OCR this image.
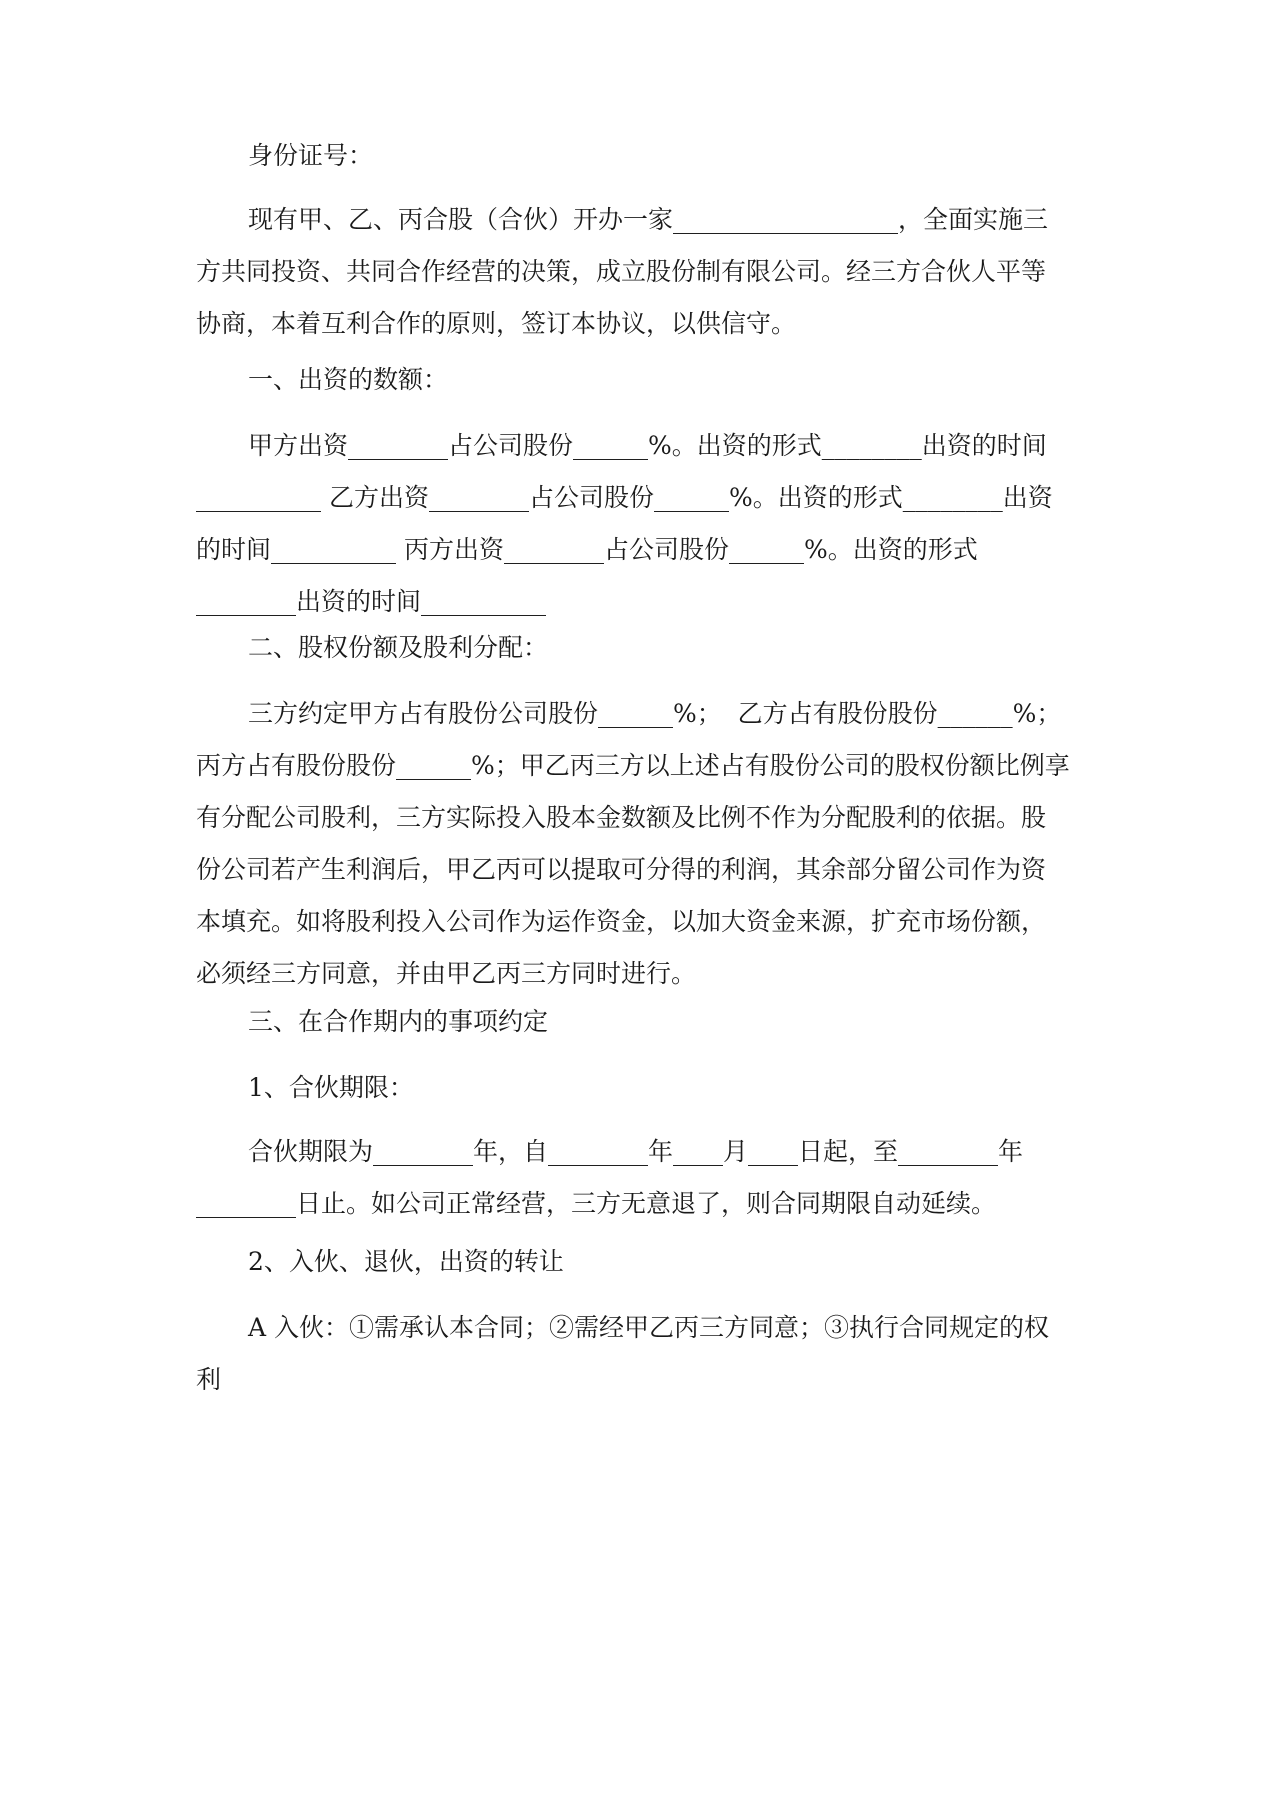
身份证号：

现有甲、乙、丙合股（合伙）开办一家__________________，全面实施三
方共同投资、共同合作经营的决策，成立股份制有限公司。经三方合伙人平等
协商，本着互利合作的原则，签订本协议，以供信守。

一、出资的数额：

甲方出资________占公司股份______%。出资的形式________出资的时间
__________ 乙方出资________占公司股份______%。出资的形式________出资
的时间__________ 丙方出资________占公司股份______%。出资的形式
________出资的时间__________

二、股权份额及股利分配：

三方约定甲方占有股份公司股份______%；  乙方占有股份股份______%；
丙方占有股份股份______%；甲乙丙三方以上述占有股份公司的股权份额比例享
有分配公司股利，三方实际投入股本金数额及比例不作为分配股利的依据。股
份公司若产生利润后，甲乙丙可以提取可分得的利润，其余部分留公司作为资
本填充。如将股利投入公司作为运作资金，以加大资金来源，扩充市场份额，
必须经三方同意，并由甲乙丙三方同时进行。

三、在合作期内的事项约定

1、合伙期限：

合伙期限为________年，自________年____月____日起，至________年
________日止。如公司正常经营，三方无意退了，则合同期限自动延续。

2、入伙、退伙，出资的转让

A 入伙：①需承认本合同；②需经甲乙丙三方同意；③执行合同规定的权
利
